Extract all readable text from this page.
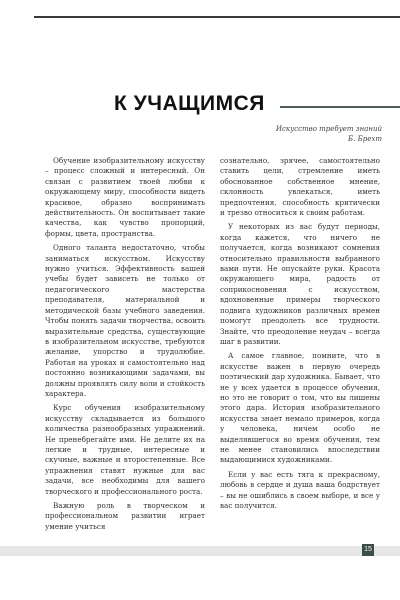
К УЧАЩИМСЯ
Искусство требует знаний
Б. Брехт

Обучение изобразительному искусству – процесс сложный и интересный. Он связан с развитием твоей любви к окружающему миру, способности видеть красивое, образно воспринимать действительность. Он воспитывает такие качества, как чувство пропорций, формы, цвета, пространства.

Одного таланта недостаточно, чтобы заниматься искусством. Искусству нужно учиться. Эффективность вашей учебы будет зависеть не только от педагогического мастерства преподавателя, материальной и методической базы учебного заведения. Чтобы понять задачи творчества, освоить выразительные средства, существующие в изобразительном искусстве, требуются желание, упорство и трудолюбие. Работая на уроках и самостоятельно над постоянно возникающими задачами, вы должны проявлять силу воли и стойкость характера.

Курс обучения изобразительному искусству складывается из большого количества разнообразных упражнений. Не пренебрегайте ими. Не делите их на легкие и трудные, интересные и скучные, важные и второстепенные. Все упражнения ставят нужные для вас задачи, все необходимы для вашего творческого и профессионального роста.

Важную роль в творческом и профессиональном развитии играет умение учиться

сознательно, зрячее, самостоятельно ставить цели, стремление иметь обоснованное собственное мнение, склонность увлекаться, иметь предпочтения, способность критически и трезво относиться к своим работам.

У некоторых из вас будут периоды, когда кажется, что ничего не получается, когда возникают сомнения относительно правильности выбранного вами пути. Не опускайте руки. Красота окружающего мира, радость от соприкосновения с искусством, вдохновенные примеры творческого подвига художников различных времен помогут преодолеть все трудности. Знайте, что преодоление неудач – всегда шаг в развитии.

А самое главное, помните, что в искусстве важен в первую очередь поэтический дар художника. Бывает, что не у всех удается в процессе обучения, но это не говорит о том, что вы лишены этого дара. История изобразительного искусства знает немало примеров, когда у человека, ничем особо не выделявшегося во время обучения, тем не менее становились впоследствии выдающимися художниками.

Если у вас есть тяга к прекрасному, любовь в сердце и душа ваша бодрствует – вы не ошиблись в своем выборе, и все у вас получится.

15
